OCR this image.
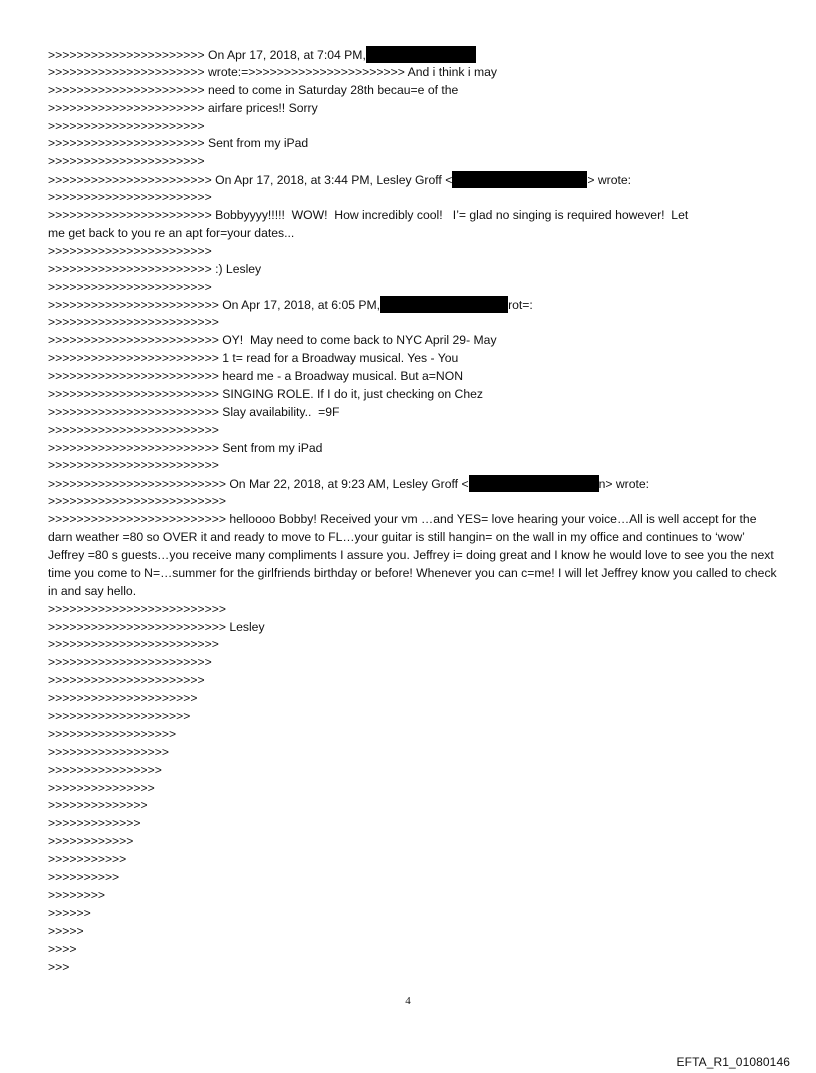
>>>>>>>>>>>>>>>>>>>>>> On Apr 17, 2018, at 7:04 PM,
>>>>>>>>>>>>>>>>>>>>>> wrote:=>>>>>>>>>>>>>>>>>>>>>> And i think i may
>>>>>>>>>>>>>>>>>>>>>> need to come in Saturday 28th becau=e of the
>>>>>>>>>>>>>>>>>>>>>> airfare prices!! Sorry
>>>>>>>>>>>>>>>>>>>>>>
>>>>>>>>>>>>>>>>>>>>>> Sent from my iPad
>>>>>>>>>>>>>>>>>>>>>>
>>>>>>>>>>>>>>>>>>>>>>> On Apr 17, 2018, at 3:44 PM, Lesley Groff <	> wrote:
>>>>>>>>>>>>>>>>>>>>>>>
>>>>>>>>>>>>>>>>>>>>>>> Bobbyyyy!!!!!  WOW!  How incredibly cool!   I’= glad no singing is required however!  Let
me get back to you re an apt for=your dates...
>>>>>>>>>>>>>>>>>>>>>>>
>>>>>>>>>>>>>>>>>>>>>>> :) Lesley
>>>>>>>>>>>>>>>>>>>>>>>
>>>>>>>>>>>>>>>>>>>>>>>> On Apr 17, 2018, at 6:05 PM,	rot=:
>>>>>>>>>>>>>>>>>>>>>>>>
>>>>>>>>>>>>>>>>>>>>>>>> OY!  May need to come back to NYC April 29- May
>>>>>>>>>>>>>>>>>>>>>>>> 1 t= read for a Broadway musical. Yes - You
>>>>>>>>>>>>>>>>>>>>>>>> heard me - a Broadway musical. But a=NON
>>>>>>>>>>>>>>>>>>>>>>>> SINGING ROLE. If I do it, just checking on Chez
>>>>>>>>>>>>>>>>>>>>>>>> Slay availability..  =9F
>>>>>>>>>>>>>>>>>>>>>>>>
>>>>>>>>>>>>>>>>>>>>>>>> Sent from my iPad
>>>>>>>>>>>>>>>>>>>>>>>>
>>>>>>>>>>>>>>>>>>>>>>>>> On Mar 22, 2018, at 9:23 AM, Lesley Groff <	n> wrote:
>>>>>>>>>>>>>>>>>>>>>>>>>
>>>>>>>>>>>>>>>>>>>>>>>>> helloooo Bobby! Received your vm …and YES= love hearing your voice…All is well accept for the darn weather =80 so OVER it and ready to move to FL…your guitar is still hangin= on the wall in my office and continues to ‘wow’ Jeffrey =80 s guests…you receive many compliments I assure you. Jeffrey i= doing great and I know he would love to see you the next time you come to N=…summer for the girlfriends birthday or before! Whenever you can c=me! I will let Jeffrey know you called to check in and say hello.
>>>>>>>>>>>>>>>>>>>>>>>>>
>>>>>>>>>>>>>>>>>>>>>>>>> Lesley
>>>>>>>>>>>>>>>>>>>>>>>>
>>>>>>>>>>>>>>>>>>>>>>>
>>>>>>>>>>>>>>>>>>>>>>
>>>>>>>>>>>>>>>>>>>>>
>>>>>>>>>>>>>>>>>>>>
>>>>>>>>>>>>>>>>>>
>>>>>>>>>>>>>>>>>
>>>>>>>>>>>>>>>>
>>>>>>>>>>>>>>>
>>>>>>>>>>>>>>
>>>>>>>>>>>>>
>>>>>>>>>>>>
>>>>>>>>>>>
>>>>>>>>>>
>>>>>>>>
>>>>>>
>>>>>
>>>>
>>>
4
EFTA_R1_01080146
